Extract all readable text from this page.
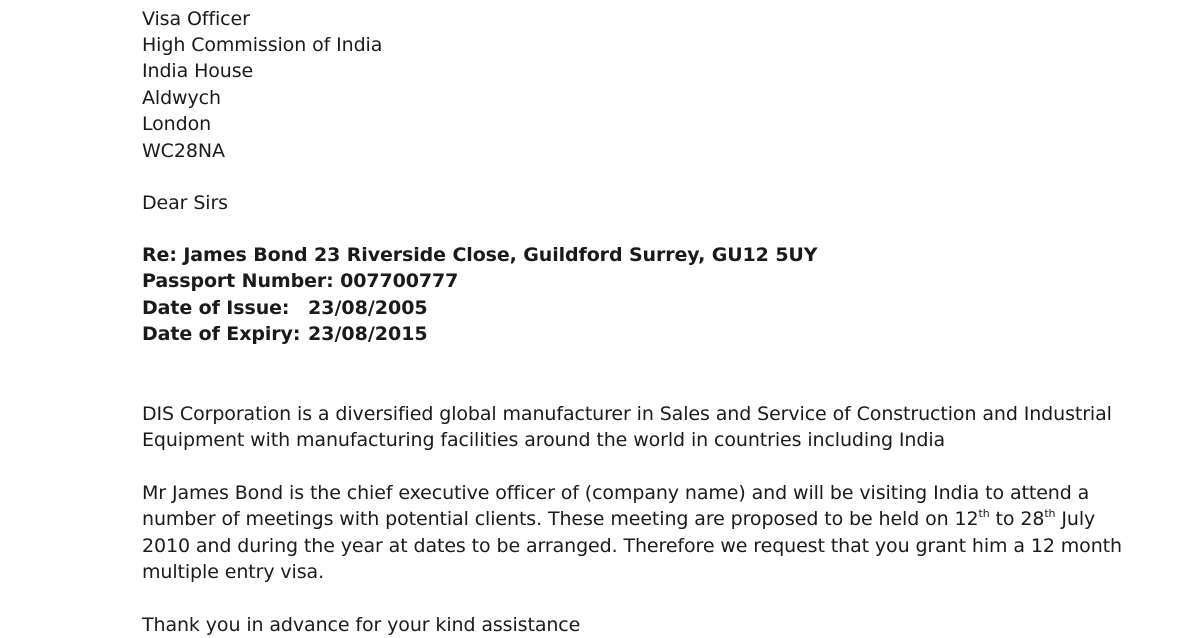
Visa Officer
High Commission of India
India House
Aldwych
London
WC28NA
Dear Sirs
Re: James Bond 23 Riverside Close, Guildford Surrey, GU12 5UY
Passport Number: 007700777
Date of Issue: 23/08/2005
Date of Expiry: 23/08/2015
DIS Corporation is a diversified global manufacturer in Sales and Service of Construction and Industrial
Equipment with manufacturing facilities around the world in countries including India
Mr James Bond is the chief executive officer of (company name) and will be visiting India to attend a
number of meetings with potential clients. These meeting are proposed to be held on 12th to 28th July
2010 and during the year at dates to be arranged. Therefore we request that you grant him a 12 month
multiple entry visa.
Thank you in advance for your kind assistance
